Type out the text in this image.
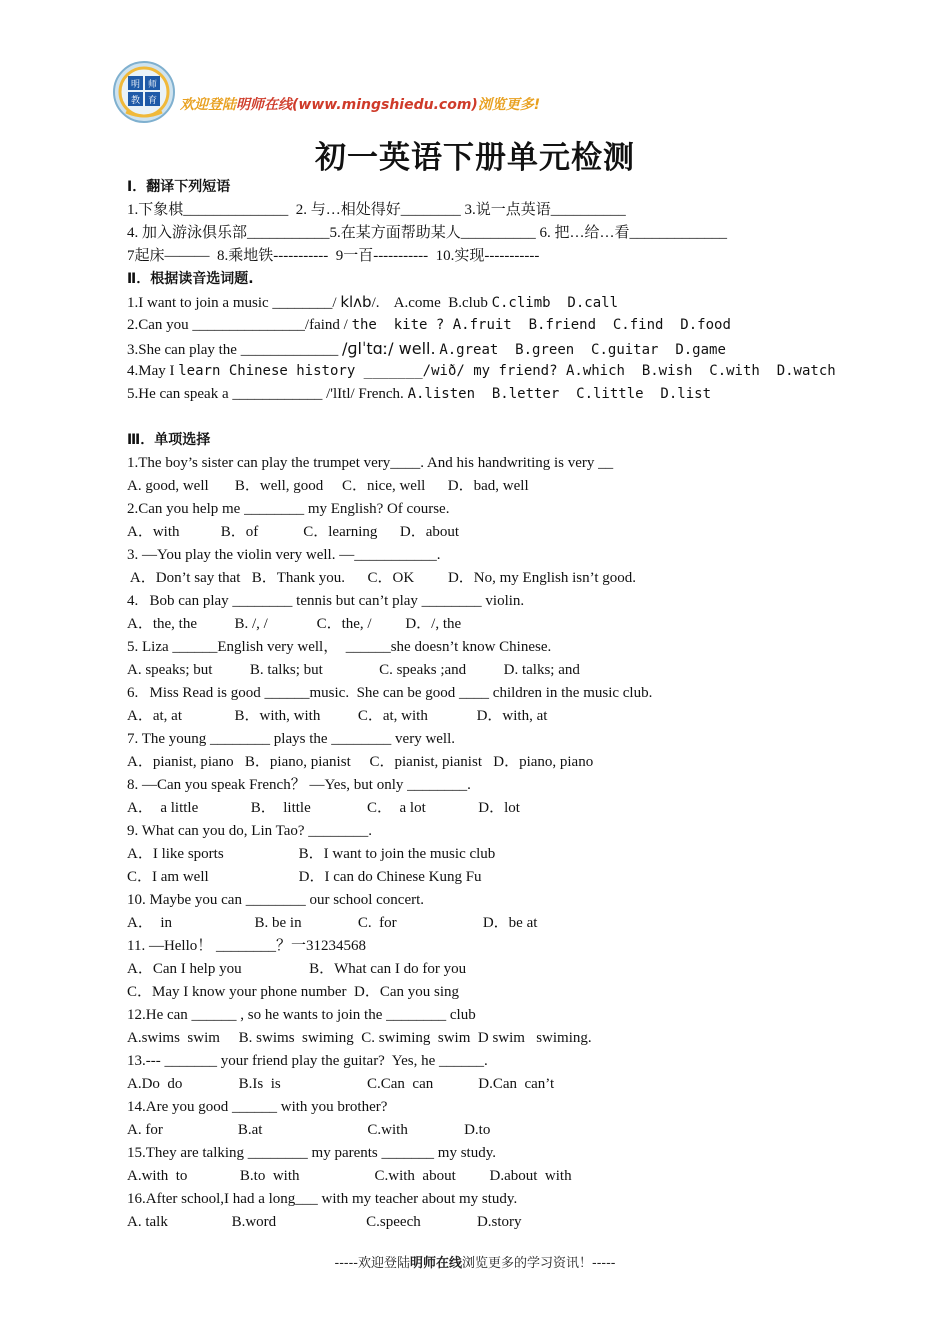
明 师
教 育 欢迎登陆明师在线(www.mingshiedu.com)浏览更多!
初一英语下册单元检测
Ⅰ．翻译下列短语
1.下象棋______________  2. 与…相处得好________ 3.说一点英语__________
4. 加入游泳俱乐部___________5.在某方面帮助某人__________ 6. 把…给…看_____________
7起床———  8.乘地铁-----------  9一百-----------  10.实现-----------
Ⅱ．根据读音选词题.
1.I want to join a music ________/ klʌb/.    A.come  B.club C.climb  D.call
2.Can you _______________/faind / the  kite ? A.fruit  B.friend  C.find  D.food
3.She can play the _____________ /ɡlˈtɑː/ well. A.great  B.green  C.guitar  D.game
4.May I learn Chinese history _______/wið/ my friend? A.which  B.wish  C.with  D.watch
5.He can speak a ____________ /'lItl/ French. A.listen  B.letter  C.little  D.list
Ⅲ．单项选择
1.The boy’s sister can play the trumpet very____. And his handwriting is very __
A. good, well       B．well, good     C．nice, well      D．bad, well
2.Can you help me ________ my English? Of course.
A．with           B．of            C．learning      D．about
3. —You play the violin very well. —___________.
A．Don’t say that   B．Thank you.      C．OK         D．No, my English isn’t good.
4.   Bob can play ________ tennis but can’t play ________ violin.
A．the, the          B. /, /             C．the, /         D．/, the
5. Liza ______English very well，  ______she doesn’t know Chinese.
A. speaks; but          B. talks; but               C. speaks ;and          D. talks; and
6.   Miss Read is good ______music.  She can be good ____ children in the music club.
A．at, at              B．with, with          C．at, with             D．with, at
7. The young ________ plays the ________ very well.
A．pianist, piano   B．piano, pianist     C．pianist, pianist   D．piano, piano
8. —Can you speak French？ —Yes, but only ________.
A．  a little              B．  little               C．  a lot              D．lot
9. What can you do, Lin Tao? ________.
A．I like sports                    B．I want to join the music club
C．I am well                        D．I can do Chinese Kung Fu
10. Maybe you can ________ our school concert.
A．  in                      B. be in               C.  for                       D．be at
11. —Hello！ ________？一31234568
A．Can I help you                  B．What can I do for you
C．May I know your phone number  D．Can you sing
12.He can ______ , so he wants to join the ________ club
A.swims  swim     B. swims  swiming  C. swiming  swim  D swim   swiming.
13.--- _______ your friend play the guitar?  Yes, he ______.
A.Do  do               B.Is  is                       C.Can  can            D.Can  can’t
14.Are you good ______ with you brother?
A. for                    B.at                            C.with               D.to
15.They are talking ________ my parents _______ my study.
A.with  to              B.to  with                    C.with  about         D.about  with
16.After school,I had a long___ with my teacher about my study.
A. talk                 B.word                        C.speech               D.story
-----欢迎登陆明师在线浏览更多的学习资讯！-----
